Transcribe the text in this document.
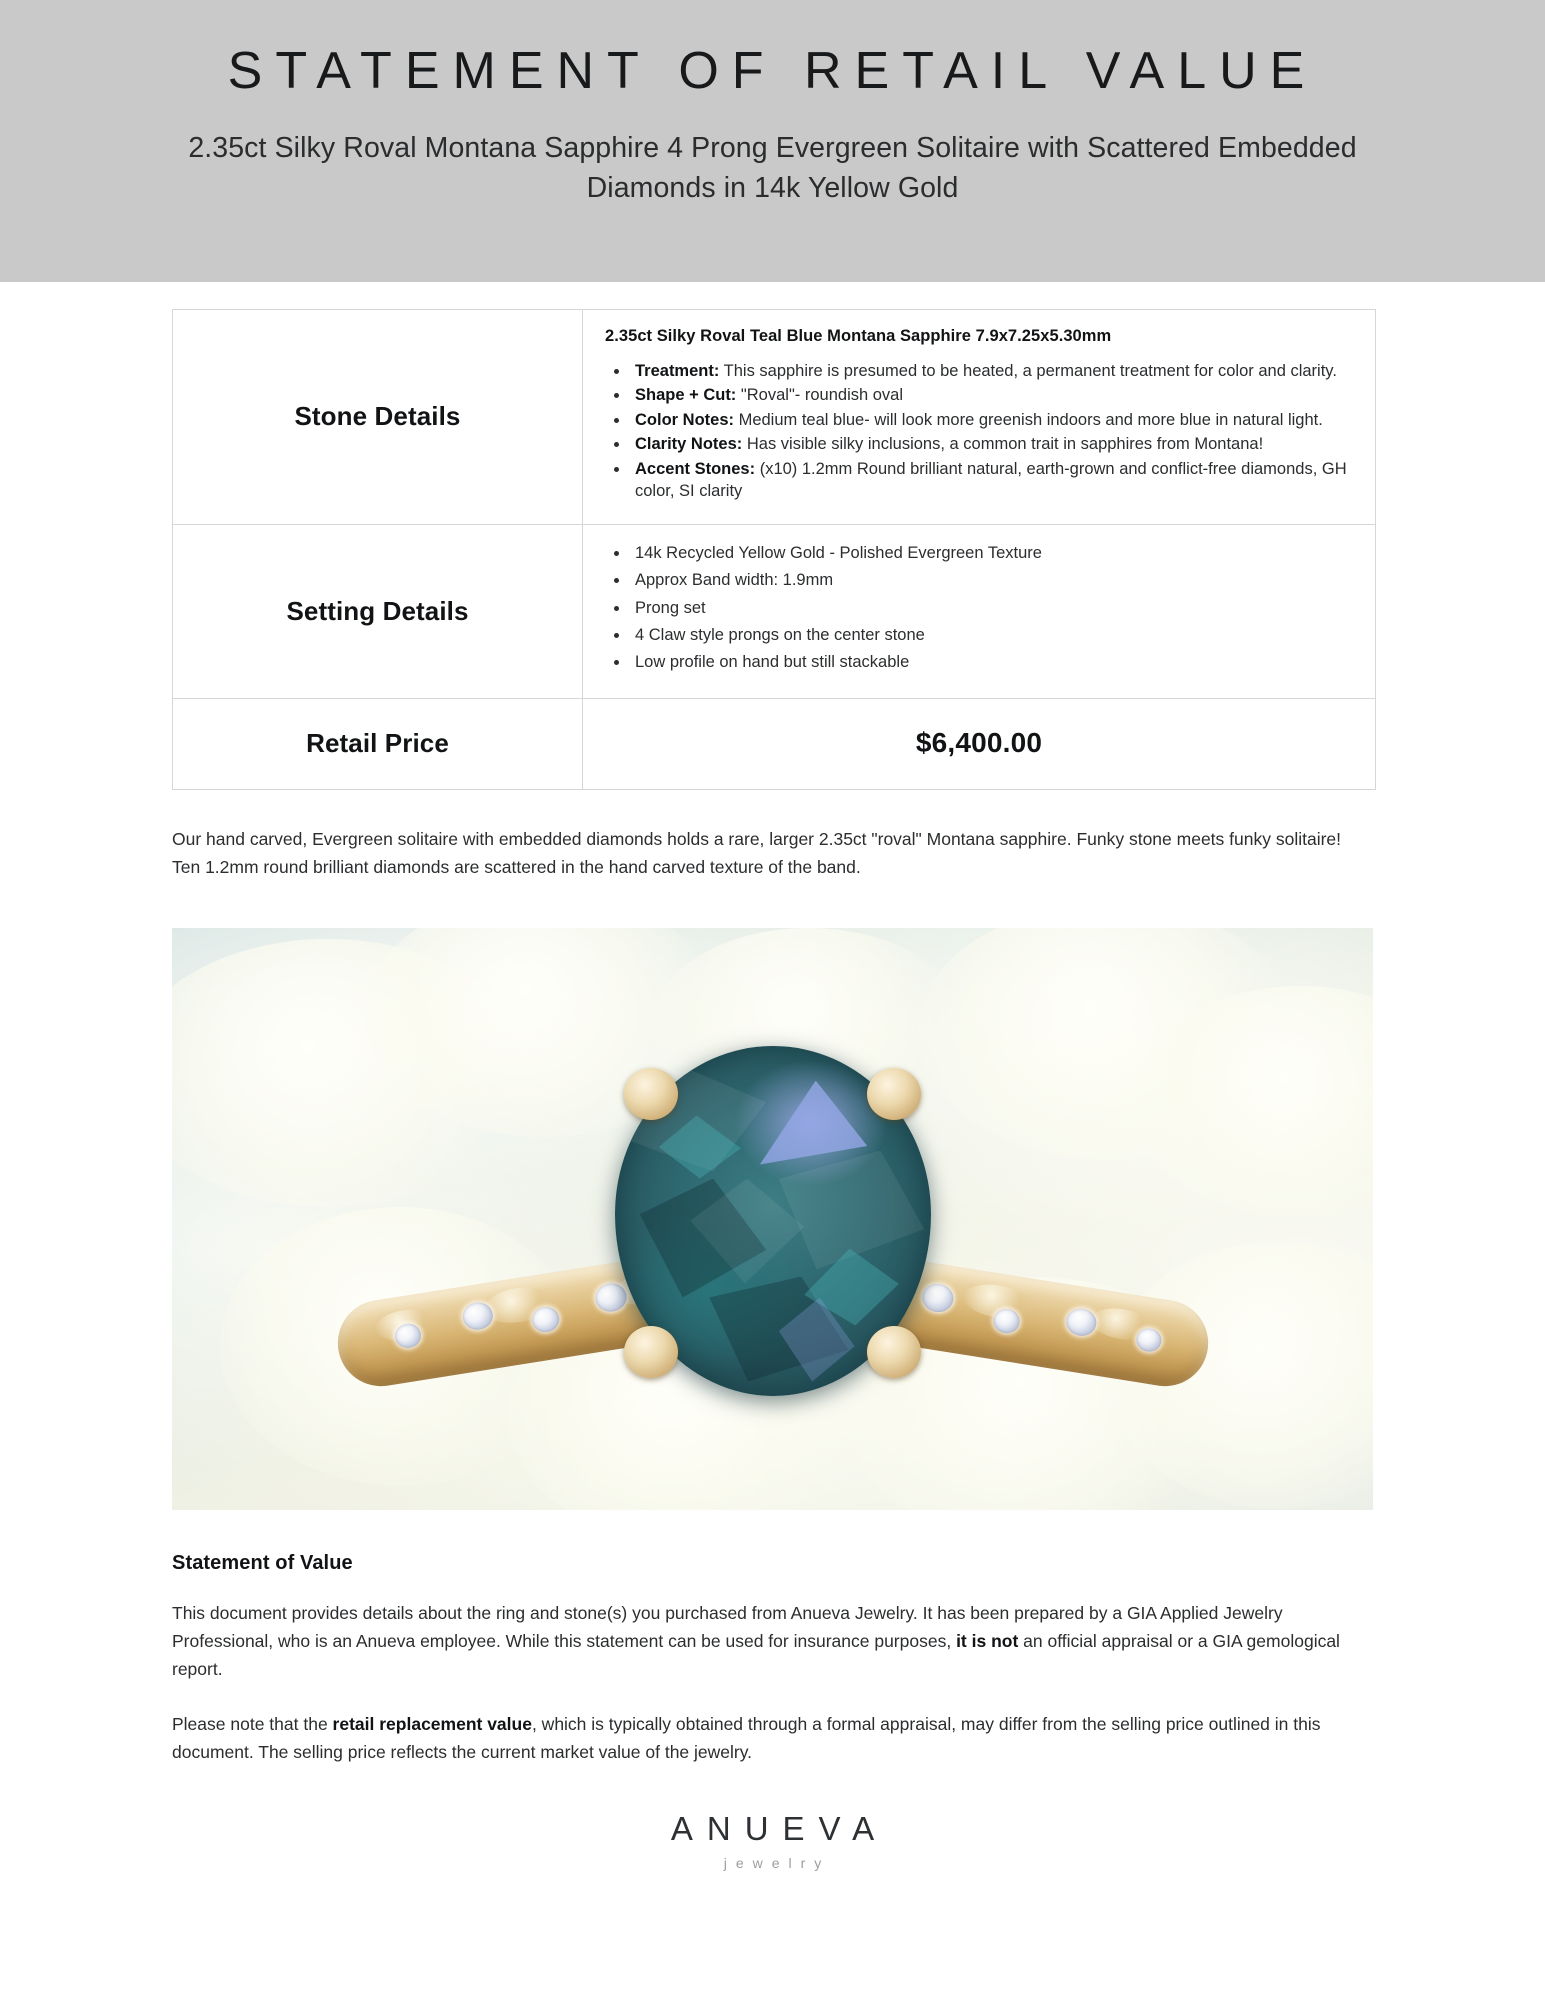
STATEMENT OF RETAIL VALUE
2.35ct Silky Roval Montana Sapphire 4 Prong Evergreen Solitaire with Scattered Embedded Diamonds in 14k Yellow Gold
Stone Details	
2.35ct Silky Roval Teal Blue Montana Sapphire 7.9x7.25x5.30mm
• Treatment: This sapphire is presumed to be heated, a permanent treatment for color and clarity.
• Shape + Cut: "Roval"- roundish oval
• Color Notes: Medium teal blue- will look more greenish indoors and more blue in natural light.
• Clarity Notes: Has visible silky inclusions, a common trait in sapphires from Montana!
• Accent Stones: (x10) 1.2mm Round brilliant natural, earth-grown and conflict-free diamonds, GH color, SI clarity

Setting Details	
• 14k Recycled Yellow Gold - Polished Evergreen Texture
• Approx Band width: 1.9mm
• Prong set
• 4 Claw style prongs on the center stone
• Low profile on hand but still stackable

Retail Price	$6,400.00

Our hand carved, Evergreen solitaire with embedded diamonds holds a rare, larger 2.35ct "roval" Montana sapphire. Funky stone meets funky solitaire! Ten 1.2mm round brilliant diamonds are scattered in the hand carved texture of the band.

Statement of Value

This document provides details about the ring and stone(s) you purchased from Anueva Jewelry. It has been prepared by a GIA Applied Jewelry Professional, who is an Anueva employee. While this statement can be used for insurance purposes, it is not an official appraisal or a GIA gemological report.

Please note that the retail replacement value, which is typically obtained through a formal appraisal, may differ from the selling price outlined in this document. The selling price reflects the current market value of the jewelry.

ANUEVA
jewelry
